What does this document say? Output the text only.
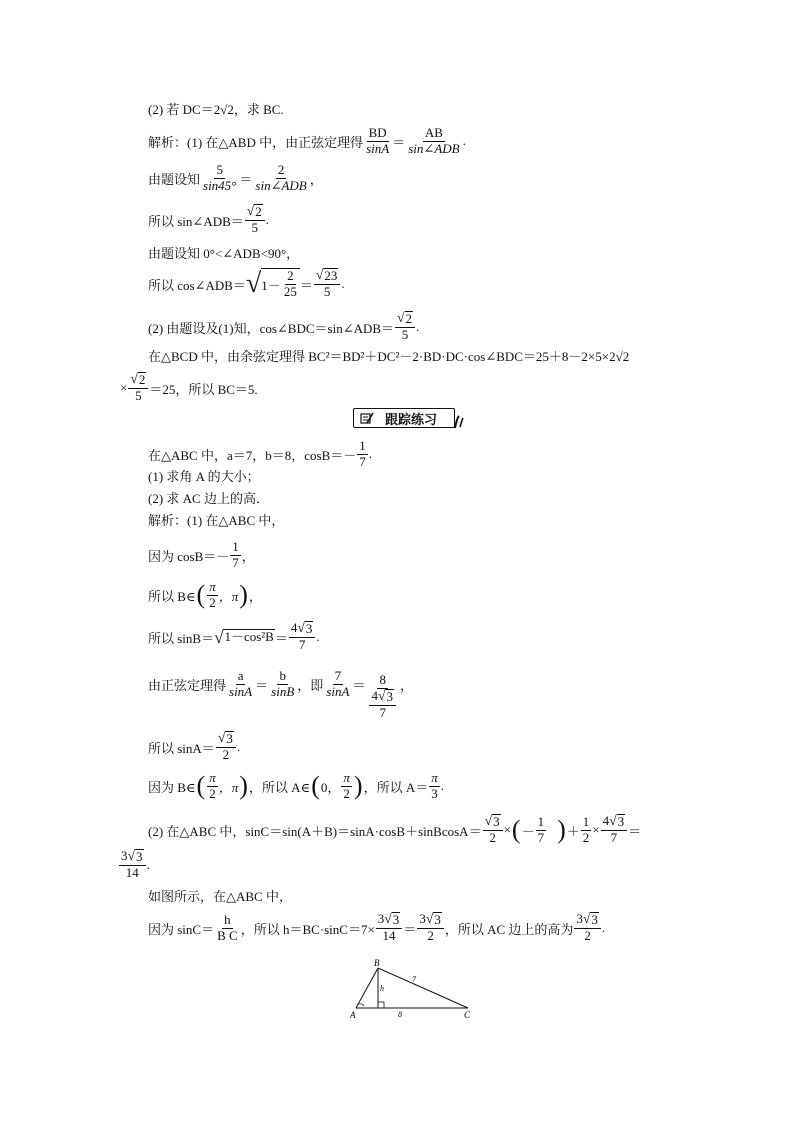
(2) 若 DC＝2√2，求 BC.
解析：(1) 在△ABD 中，由正弦定理得 $\frac{BD}{\sin A} = \frac{AB}{\text{sin∠ADB}}$ .
由题设知 $\frac{5}{\sin 45^\circ} = \frac{2}{\text{sin∠ADB}}$ ，
所以 sin∠ADB＝ $\frac{√ 2}{5}$ .
由题设知 0°<∠ADB<90°，
所以 cos∠ADB＝ √ $1- \frac{2}{25} = \frac{√ 23}{5}$ .
(2) 由题设及(1)知，cos∠BDC＝sin∠ADB＝ $\frac{√ 2}{5}$ .
在△BCD 中，由余弦定理得 BC²＝BD²＋DC²－2·BD·DC·cos∠BDC＝25＋8－2×5×2√2
× $\frac{√ 2}{5} =25$，所以 BC＝5.
跟踪练习
在△ABC 中，a＝7，b＝8，$\cos B=- \frac{1}{7}$ .
(1) 求角 A 的大小；
(2) 求 AC 边上的高．
解析：(1) 在△ABC 中，
因为 $\cos B=- \frac{1}{7}$ ，
所以 B∈ ( $\frac{\pi}{2}$ ，π ) ，
所以 sinB＝ √ $1-\cos^2B = \frac{4 √ 3}{7}$ .
由正弦定理得 $\frac{a}{\sin A} = \frac{b}{\sin B}$ ，即 $\frac{7}{\sin A} = \frac{8}{\frac{4 √ 3}{7}}$ ，
所以 $\sin A= \frac{√ 3}{2}$ .
因为 B∈ ( $\frac{\pi}{2}$ ，π ) ，所以 A∈ ( 0， $\frac{\pi}{2}$ ) ，所以 $A= \frac{\pi}{3}$ .
(2) 在△ABC 中，sinC＝sin(A＋B)＝sinA·cosB＋sinBcosA＝ $\frac{√ 3}{2}$ × ( － $\frac{1}{7}$ ) ＋ $\frac{1}{2} \times \frac{4 √ 3}{7}$ ＝
$\frac{3 √ 3}{14}$ .
如图所示，在△ABC 中，
因为 $\sin C= \frac{h}{\text{B C}}$ ，所以 $h=BC\cdot\sin C=7\times \frac{3 √ 3}{14} = \frac{3 √ 3}{2}$ ，所以 AC 边上的高为 $\frac{3 √ 3}{2}$ .
A
B
C
h
7
8
